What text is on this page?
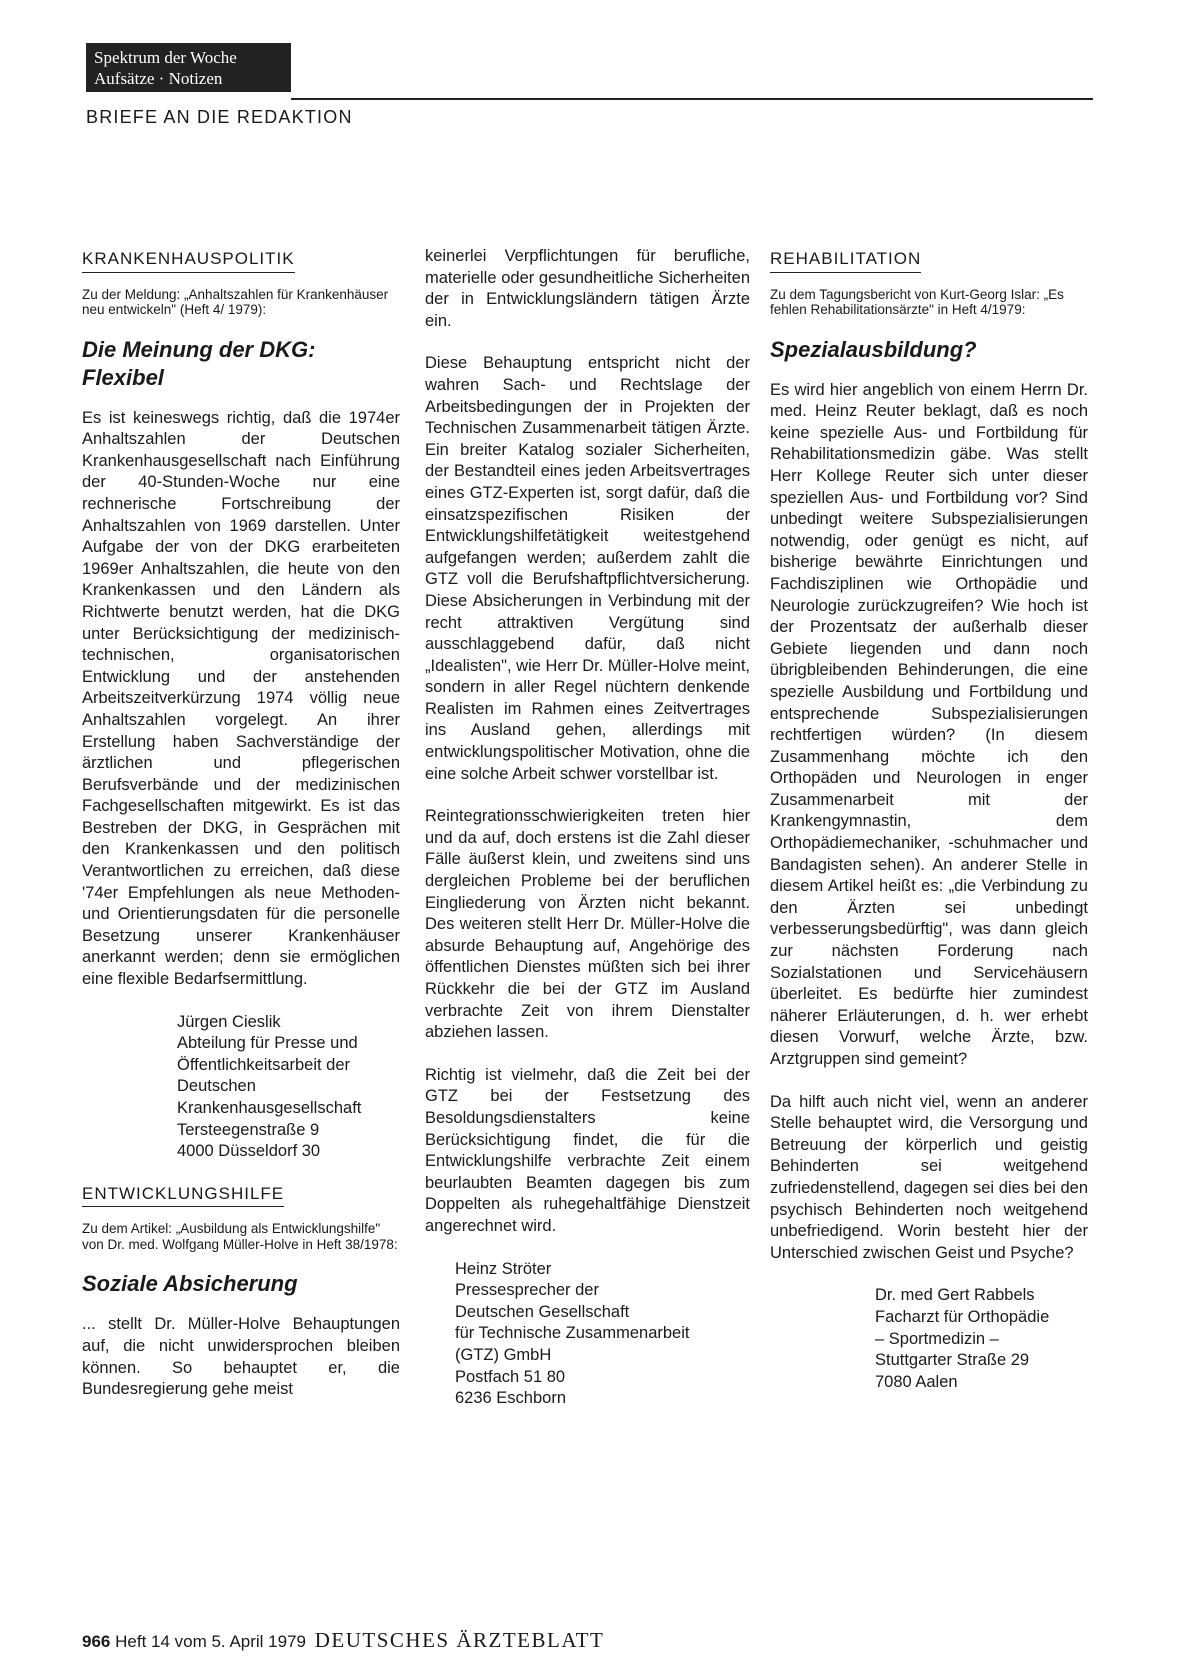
Spektrum der Woche
Aufsätze · Notizen
BRIEFE AN DIE REDAKTION
KRANKENHAUSPOLITIK
Zu der Meldung: „Anhaltszahlen für Krankenhäuser neu entwickeln" (Heft 4/ 1979):
Die Meinung der DKG: Flexibel

Es ist keineswegs richtig, daß die 1974er Anhaltszahlen der Deutschen Krankenhausgesellschaft nach Einführung der 40-Stunden-Woche nur eine rechnerische Fortschreibung der Anhaltszahlen von 1969 darstellen. Unter Aufgabe der von der DKG erarbeiteten 1969er Anhaltszahlen, die heute von den Krankenkassen und den Ländern als Richtwerte benutzt werden, hat die DKG unter Berücksichtigung der medizinisch-technischen, organisatorischen Entwicklung und der anstehenden Arbeitszeitverkürzung 1974 völlig neue Anhaltszahlen vorgelegt. An ihrer Erstellung haben Sachverständige der ärztlichen und pflegerischen Berufsverbände und der medizinischen Fachgesellschaften mitgewirkt. Es ist das Bestreben der DKG, in Gesprächen mit den Krankenkassen und den politisch Verantwortlichen zu erreichen, daß diese '74er Empfehlungen als neue Methoden- und Orientierungsdaten für die personelle Besetzung unserer Krankenhäuser anerkannt werden; denn sie ermöglichen eine flexible Bedarfsermittlung.

Jürgen Cieslik
Abteilung für Presse und
Öffentlichkeitsarbeit der
Deutschen
Krankenhausgesellschaft
Tersteegenstraße 9
4000 Düsseldorf 30
ENTWICKLUNGSHILFE
Zu dem Artikel: „Ausbildung als Entwicklungshilfe" von Dr. med. Wolfgang Müller-Holve in Heft 38/1978:
Soziale Absicherung

... stellt Dr. Müller-Holve Behauptungen auf, die nicht unwidersprochen bleiben können. So behauptet er, die Bundesregierung gehe meist

keinerlei Verpflichtungen für berufliche, materielle oder gesundheitliche Sicherheiten der in Entwicklungsländern tätigen Ärzte ein.

Diese Behauptung entspricht nicht der wahren Sach- und Rechtslage der Arbeitsbedingungen der in Projekten der Technischen Zusammenarbeit tätigen Ärzte. Ein breiter Katalog sozialer Sicherheiten, der Bestandteil eines jeden Arbeitsvertrages eines GTZ-Experten ist, sorgt dafür, daß die einsatzspezifischen Risiken der Entwicklungshilfetätigkeit weitestgehend aufgefangen werden; außerdem zahlt die GTZ voll die Berufshaftpflichtversicherung. Diese Absicherungen in Verbindung mit der recht attraktiven Vergütung sind ausschlaggebend dafür, daß nicht „Idealisten", wie Herr Dr. Müller-Holve meint, sondern in aller Regel nüchtern denkende Realisten im Rahmen eines Zeitvertrages ins Ausland gehen, allerdings mit entwicklungspolitischer Motivation, ohne die eine solche Arbeit schwer vorstellbar ist.

Reintegrationsschwierigkeiten treten hier und da auf, doch erstens ist die Zahl dieser Fälle äußerst klein, und zweitens sind uns dergleichen Probleme bei der beruflichen Eingliederung von Ärzten nicht bekannt. Des weiteren stellt Herr Dr. Müller-Holve die absurde Behauptung auf, Angehörige des öffentlichen Dienstes müßten sich bei ihrer Rückkehr die bei der GTZ im Ausland verbrachte Zeit von ihrem Dienstalter abziehen lassen.

Richtig ist vielmehr, daß die Zeit bei der GTZ bei der Festsetzung des Besoldungsdienstalters keine Berücksichtigung findet, die für die Entwicklungshilfe verbrachte Zeit einem beurlaubten Beamten dagegen bis zum Doppelten als ruhegehaltfähige Dienstzeit angerechnet wird.

Heinz Ströter
Pressesprecher der
Deutschen Gesellschaft
für Technische Zusammenarbeit
(GTZ) GmbH
Postfach 51 80
6236 Eschborn
REHABILITATION
Zu dem Tagungsbericht von Kurt-Georg Islar: „Es fehlen Rehabilitationsärzte" in Heft 4/1979:
Spezialausbildung?

Es wird hier angeblich von einem Herrn Dr. med. Heinz Reuter beklagt, daß es noch keine spezielle Aus- und Fortbildung für Rehabilitationsmedizin gäbe. Was stellt Herr Kollege Reuter sich unter dieser speziellen Aus- und Fortbildung vor? Sind unbedingt weitere Subspezialisierungen notwendig, oder genügt es nicht, auf bisherige bewährte Einrichtungen und Fachdisziplinen wie Orthopädie und Neurologie zurückzugreifen? Wie hoch ist der Prozentsatz der außerhalb dieser Gebiete liegenden und dann noch übrigbleibenden Behinderungen, die eine spezielle Ausbildung und Fortbildung und entsprechende Subspezialisierungen rechtfertigen würden? (In diesem Zusammenhang möchte ich den Orthopäden und Neurologen in enger Zusammenarbeit mit der Krankengymnastin, dem Orthopädiemechaniker, -schuhmacher und Bandagisten sehen). An anderer Stelle in diesem Artikel heißt es: „die Verbindung zu den Ärzten sei unbedingt verbesserungsbedürftig", was dann gleich zur nächsten Forderung nach Sozialstationen und Servicehäusern überleitet. Es bedürfte hier zumindest näherer Erläuterungen, d. h. wer erhebt diesen Vorwurf, welche Ärzte, bzw. Arztgruppen sind gemeint?

Da hilft auch nicht viel, wenn an anderer Stelle behauptet wird, die Versorgung und Betreuung der körperlich und geistig Behinderten sei weitgehend zufriedenstellend, dagegen sei dies bei den psychisch Behinderten noch weitgehend unbefriedigend. Worin besteht hier der Unterschied zwischen Geist und Psyche?

Dr. med Gert Rabbels
Facharzt für Orthopädie
– Sportmedizin –
Stuttgarter Straße 29
7080 Aalen
966 Heft 14 vom 5. April 1979 DEUTSCHES ÄRZTEBLATT
